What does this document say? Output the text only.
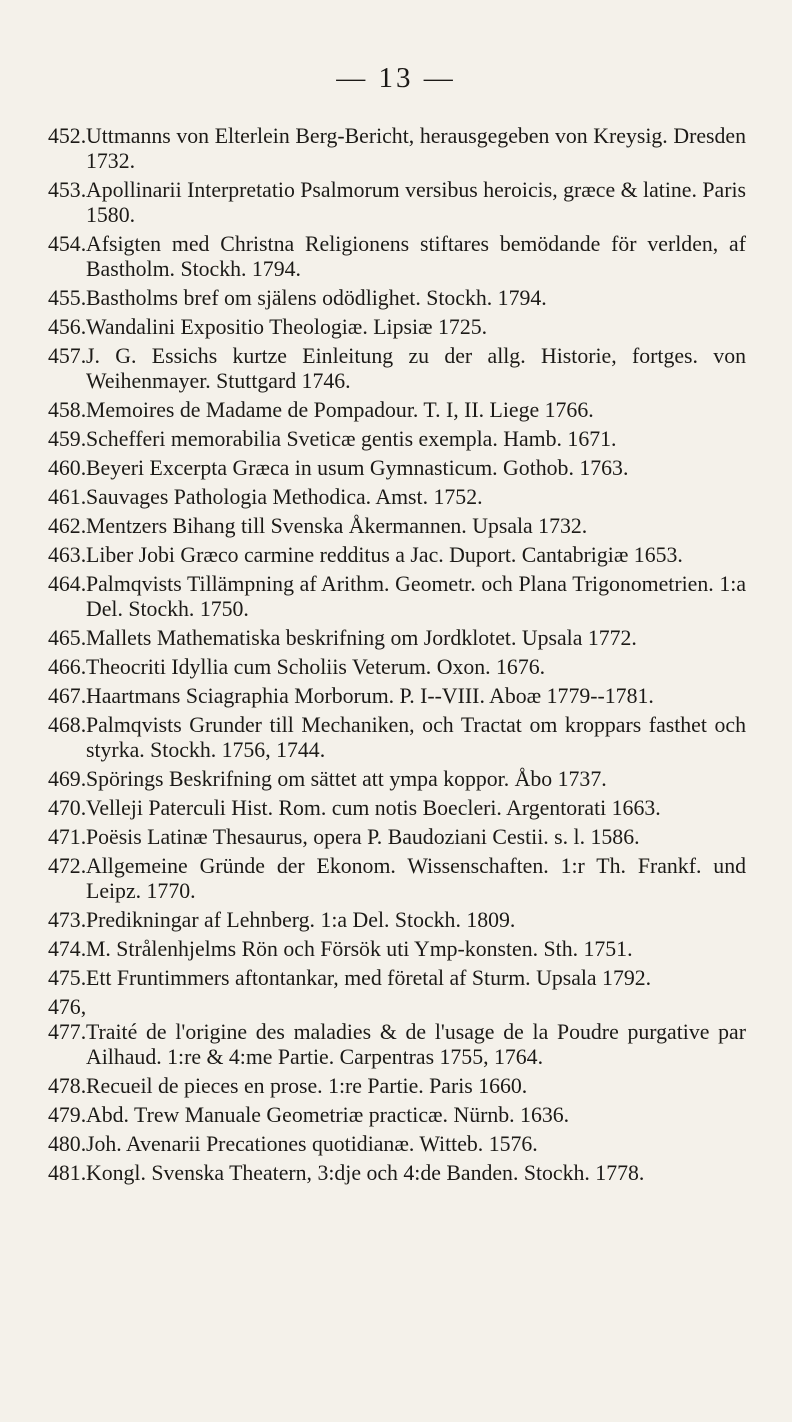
— 13 —

452.Uttmanns von Elterlein Berg-Bericht, herausgegeben von Kreysig. Dresden 1732.

453.Apollinarii Interpretatio Psalmorum versibus heroicis, græce & latine. Paris 1580.

454.Afsigten med Christna Religionens stiftares bemödande för verlden, af Bastholm. Stockh. 1794.

455.Bastholms bref om själens odödlighet. Stockh. 1794.

456.Wandalini Expositio Theologiæ. Lipsiæ 1725.

457.J. G. Essichs kurtze Einleitung zu der allg. Historie, fortges. von Weihenmayer. Stuttgard 1746.

458.Memoires de Madame de Pompadour. T. I, II. Liege 1766.

459.Schefferi memorabilia Sveticæ gentis exempla. Hamb. 1671.

460.Beyeri Excerpta Græca in usum Gymnasticum. Gothob. 1763.

461.Sauvages Pathologia Methodica. Amst. 1752.

462.Mentzers Bihang till Svenska Åkermannen. Upsala 1732.

463.Liber Jobi Græco carmine redditus a Jac. Duport. Cantabrigiæ 1653.

464.Palmqvists Tillämpning af Arithm. Geometr. och Plana Trigonometrien. 1:a Del. Stockh. 1750.

465.Mallets Mathematiska beskrifning om Jordklotet. Upsala 1772.

466.Theocriti Idyllia cum Scholiis Veterum. Oxon. 1676.

467.Haartmans Sciagraphia Morborum. P. I--VIII. Aboæ 1779--1781.

468.Palmqvists Grunder till Mechaniken, och Tractat om kroppars fasthet och styrka. Stockh. 1756, 1744.

469.Spörings Beskrifning om sättet att ympa koppor. Åbo 1737.

470.Velleji Paterculi Hist. Rom. cum notis Boecleri. Argentorati 1663.

471.Poësis Latinæ Thesaurus, opera P. Baudoziani Cestii. s. l. 1586.

472.Allgemeine Gründe der Ekonom. Wissenschaften. 1:r Th. Frankf. und Leipz. 1770.

473.Predikningar af Lehnberg. 1:a Del. Stockh. 1809.

474.M. Strålenhjelms Rön och Försök uti Ymp-konsten. Sth. 1751.

475.Ett Fruntimmers aftontankar, med företal af Sturm. Upsala 1792.

476, 477.Traité de l'origine des maladies & de l'usage de la Poudre purgative par Ailhaud. 1:re & 4:me Partie. Carpentras 1755, 1764.

478.Recueil de pieces en prose. 1:re Partie. Paris 1660.

479.Abd. Trew Manuale Geometriæ practicæ. Nürnb. 1636.

480.Joh. Avenarii Precationes quotidianæ. Witteb. 1576.

481.Kongl. Svenska Theatern, 3:dje och 4:de Banden. Stockh. 1778.
